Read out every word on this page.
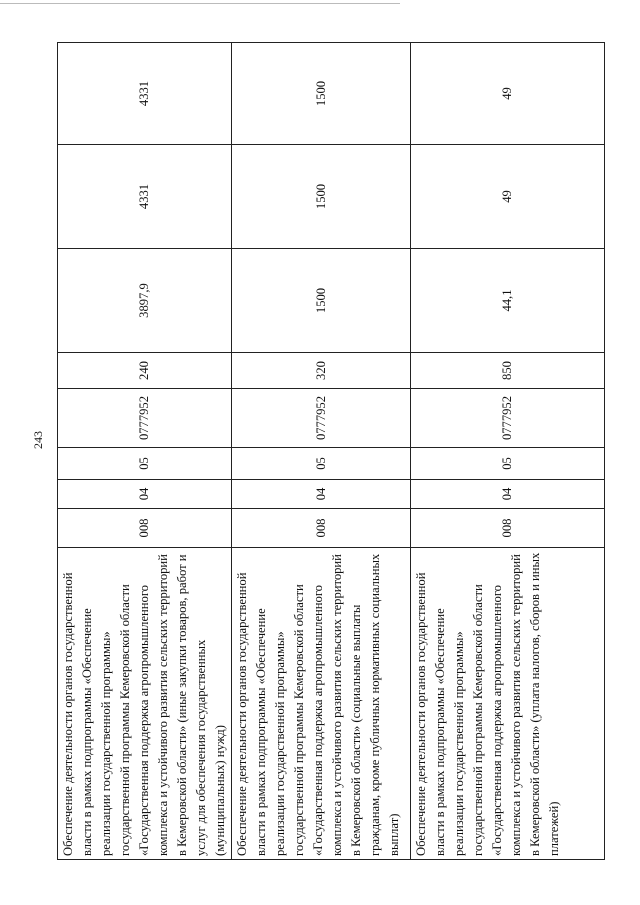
243
Обеспечение деятельности органов государственной власти в рамках подпрограммы «Обеспечение реализации государственной программы» государственной программы Кемеровской области «Государственная поддержка агропромышленного комплекса и устойчивого развития сельских территорий в Кемеровской области» (иные закупки товаров, работ и услуг для обеспечения государственных (муниципальных) нужд)	008	04	05	0777952	240	3897,9	4331	4331
Обеспечение деятельности органов государственной власти в рамках подпрограммы «Обеспечение реализации государственной программы» государственной программы Кемеровской области «Государственная поддержка агропромышленного комплекса и устойчивого развития сельских территорий в Кемеровской области» (социальные выплаты гражданам, кроме публичных нормативных социальных выплат)	008	04	05	0777952	320	1500	1500	1500
Обеспечение деятельности органов государственной власти в рамках подпрограммы «Обеспечение реализации государственной программы» государственной программы Кемеровской области «Государственная поддержка агропромышленного комплекса и устойчивого развития сельских территорий в Кемеровской области» (уплата налогов, сборов и иных платежей)	008	04	05	0777952	850	44,1	49	49
